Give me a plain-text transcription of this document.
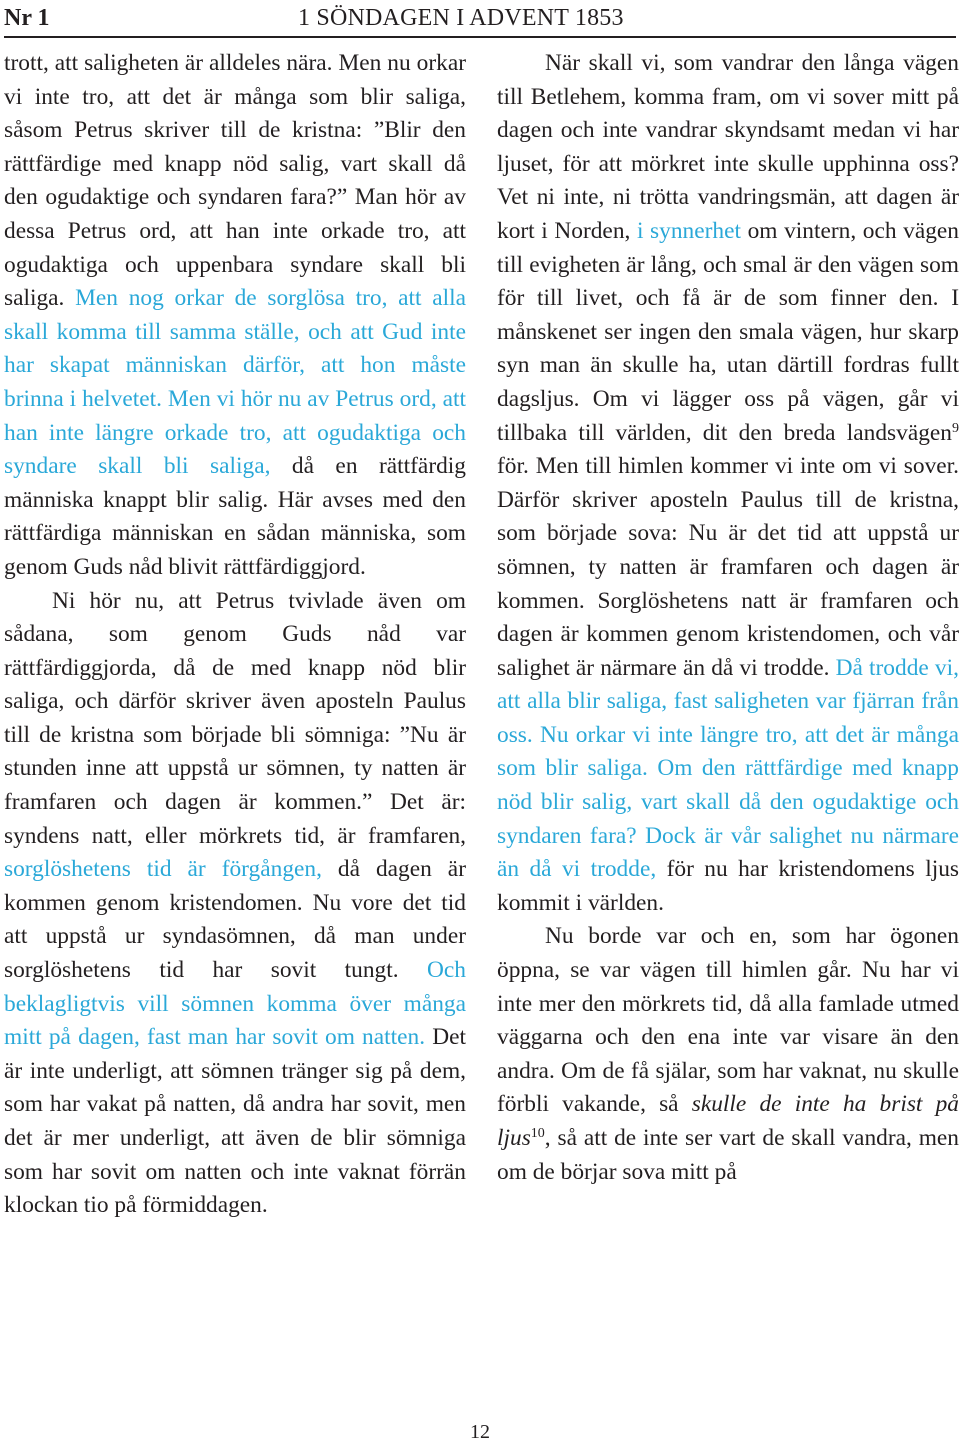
Nr 1	1 SÖNDAGEN I ADVENT 1853

trott, att saligheten är alldeles nära. Men nu orkar vi inte tro, att det är många som blir saliga, såsom Petrus skriver till de kristna: ”Blir den rättfärdige med knapp nöd salig, vart skall då den ogudaktige och syndaren fara?” Man hör av dessa Petrus ord, att han inte orkade tro, att ogudaktiga och uppenbara syndare skall bli saliga. Men nog orkar de sorglösa tro, att alla skall komma till samma ställe, och att Gud inte har skapat människan därför, att hon måste brinna i helvetet. Men vi hör nu av Petrus ord, att han inte längre orkade tro, att ogudaktiga och syndare skall bli saliga, då en rättfärdig människa knappt blir salig. Här avses med den rättfärdiga människan en sådan människa, som genom Guds nåd blivit rättfärdiggjord.

Ni hör nu, att Petrus tvivlade även om sådana, som genom Guds nåd var rättfärdiggjorda, då de med knapp nöd blir saliga, och därför skriver även aposteln Paulus till de kristna som började bli sömniga: ”Nu är stunden inne att uppstå ur sömnen, ty natten är framfaren och dagen är kommen.” Det är: syndens natt, eller mörkrets tid, är framfaren, sorglöshetens tid är förgången, då dagen är kommen genom kristendomen. Nu vore det tid att uppstå ur syndasömnen, då man under sorglöshetens tid har sovit tungt. Och beklagligtvis vill sömnen komma över många mitt på dagen, fast man har sovit om natten. Det är inte underligt, att sömnen tränger sig på dem, som har vakat på natten, då andra har sovit, men det är mer underligt, att även de blir sömniga som har sovit om natten och inte vaknat förrän klockan tio på förmiddagen.

När skall vi, som vandrar den långa vägen till Betlehem, komma fram, om vi sover mitt på dagen och inte vandrar skyndsamt medan vi har ljuset, för att mörkret inte skulle upphinna oss? Vet ni inte, ni trötta vandringsmän, att dagen är kort i Norden, i synnerhet om vintern, och vägen till evigheten är lång, och smal är den vägen som för till livet, och få är de som finner den. I månskenet ser ingen den smala vägen, hur skarp syn man än skulle ha, utan därtill fordras fullt dagsljus. Om vi lägger oss på vägen, går vi tillbaka till världen, dit den breda landsvägen$^9$ för. Men till himlen kommer vi inte om vi sover. Därför skriver aposteln Paulus till de kristna, som började sova: Nu är det tid att uppstå ur sömnen, ty natten är framfaren och dagen är kommen. Sorglöshetens natt är framfaren och dagen är kommen genom kristendomen, och vår salighet är närmare än då vi trodde. Då trodde vi, att alla blir saliga, fast saligheten var fjärran från oss. Nu orkar vi inte längre tro, att det är många som blir saliga. Om den rättfärdige med knapp nöd blir salig, vart skall då den ogudaktige och syndaren fara? Dock är vår salighet nu närmare än då vi trodde, för nu har kristendomens ljus kommit i världen.

Nu borde var och en, som har ögonen öppna, se var vägen till himlen går. Nu har vi inte mer den mörkrets tid, då alla famlade utmed väggarna och den ena inte var visare än den andra. Om de få själar, som har vaknat, nu skulle förbli vakande, så skulle de inte ha brist på ljus$^{10}$, så att de inte ser vart de skall vandra, men om de börjar sova mitt på

12
